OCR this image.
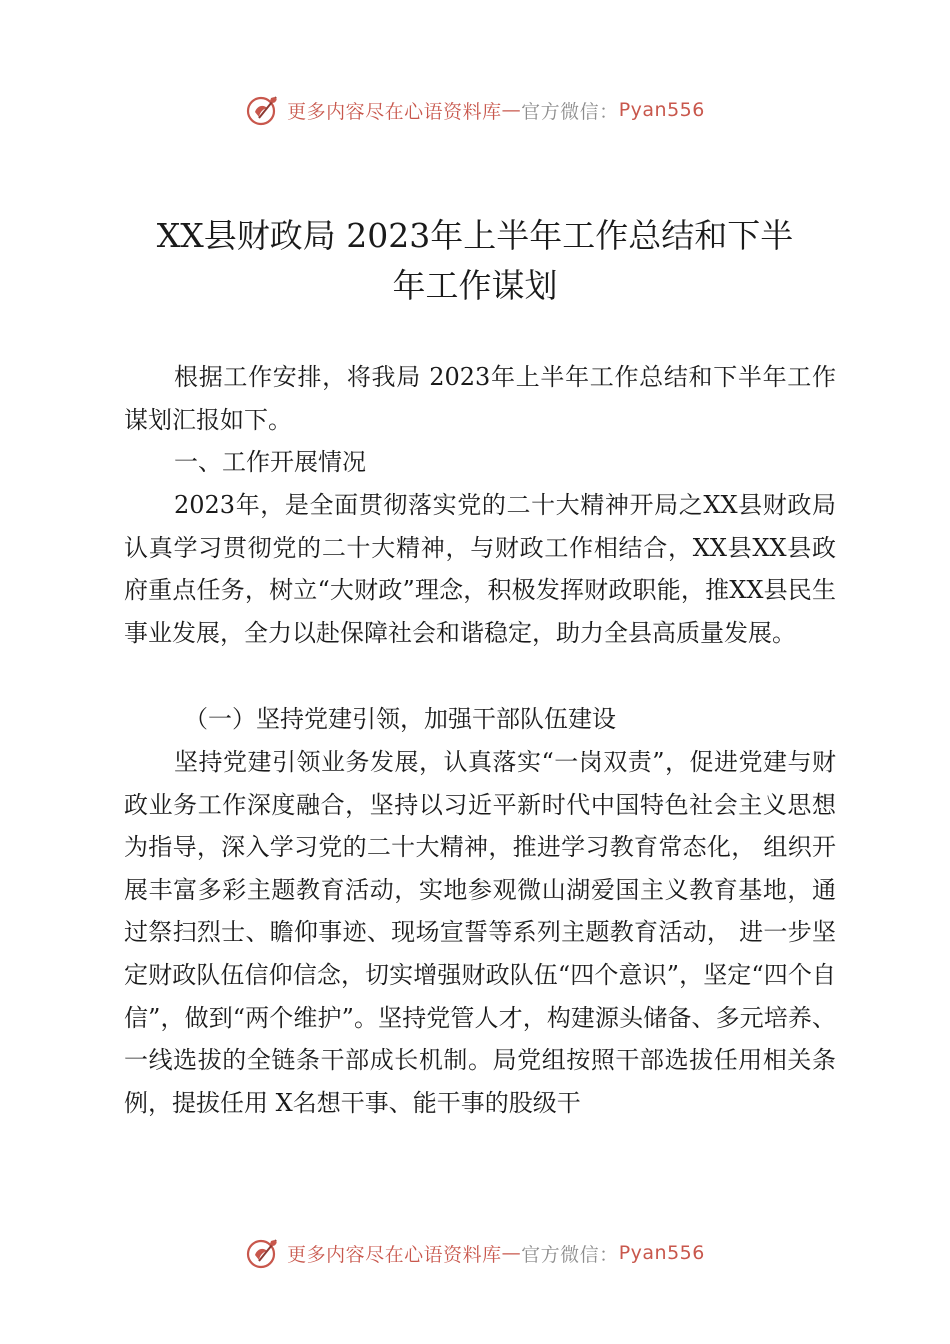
更多内容尽在心语资料库 — 官方微信： Pyan556
XX县财政局 2023年上半年工作总结和下半
年工作谋划
根据工作安排，将我局 2023年上半年工作总结和下半年工作谋划汇报如下。
一、工作开展情况
2023年，是全面贯彻落实党的二十大精神开局之XX县财政局认真学习贯彻党的二十大精神，与财政工作相结合，XX县XX县政府重点任务，树立“大财政”理念，积极发挥财政职能，推XX县民生事业发展，全力以赴保障社会和谐稳定，助力全县高质量发展。
（一）坚持党建引领，加强干部队伍建设
坚持党建引领业务发展，认真落实“一岗双责”，促进党建与财政业务工作深度融合，坚持以习近平新时代中国特色社会主义思想为指导，深入学习党的二十大精神，推进学习教育常态化， 组织开展丰富多彩主题教育活动，实地参观微山湖爱国主义教育基地，通过祭扫烈士、瞻仰事迹、现场宣誓等系列主题教育活动， 进一步坚定财政队伍信仰信念，切实增强财政队伍“四个意识”，坚定“四个自信”，做到“两个维护”。坚持党管人才，构建源头储备、多元培养、一线选拔的全链条干部成长机制。局党组按照干部选拔任用相关条例，提拔任用 X名想干事、能干事的股级干
更多内容尽在心语资料库 — 官方微信： Pyan556
